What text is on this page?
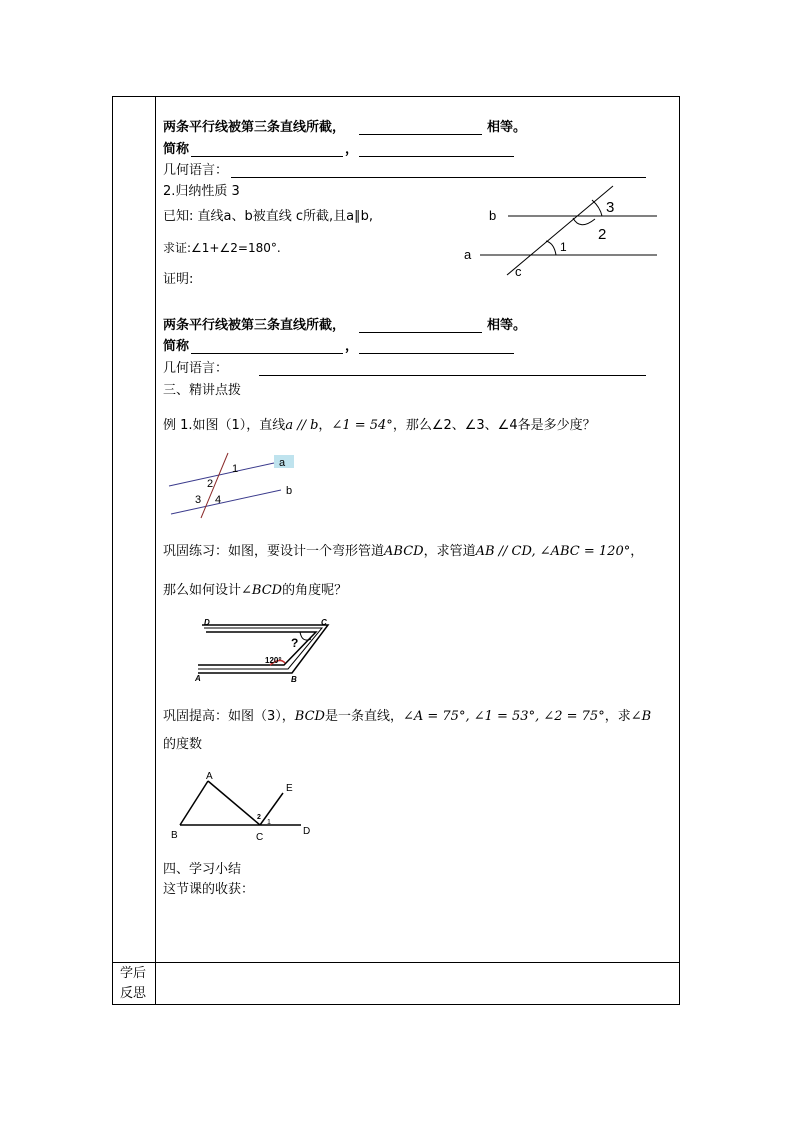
两条平行线被第三条直线所截，	相等。
简称	，
几何语言：
2.归纳性质 3
已知: 直线a、b被直线 c所截,且a∥b,
求证:∠1+∠2=180°.
证明:
b
a
c
1
2
3
两条平行线被第三条直线所截，	相等。
简称	，
几何语言：
三、精讲点拨
例 1.如图（1），直线a // b，∠1 = 54°，那么∠2、∠3、∠4各是多少度？
a
b
1
2
3 4
巩固练习：如图，要设计一个弯形管道ABCD，求管道AB // CD, ∠ABC = 120°，
那么如何设计∠BCD的角度呢？
D	C
A	B
?
120°
巩固提高：如图（3），BCD是一条直线，∠A = 75°, ∠1 = 53°, ∠2 = 75°，求∠B
的度数
A
B	C
D
E
2
1
四、学习小结
这节课的收获：
学后
反思
